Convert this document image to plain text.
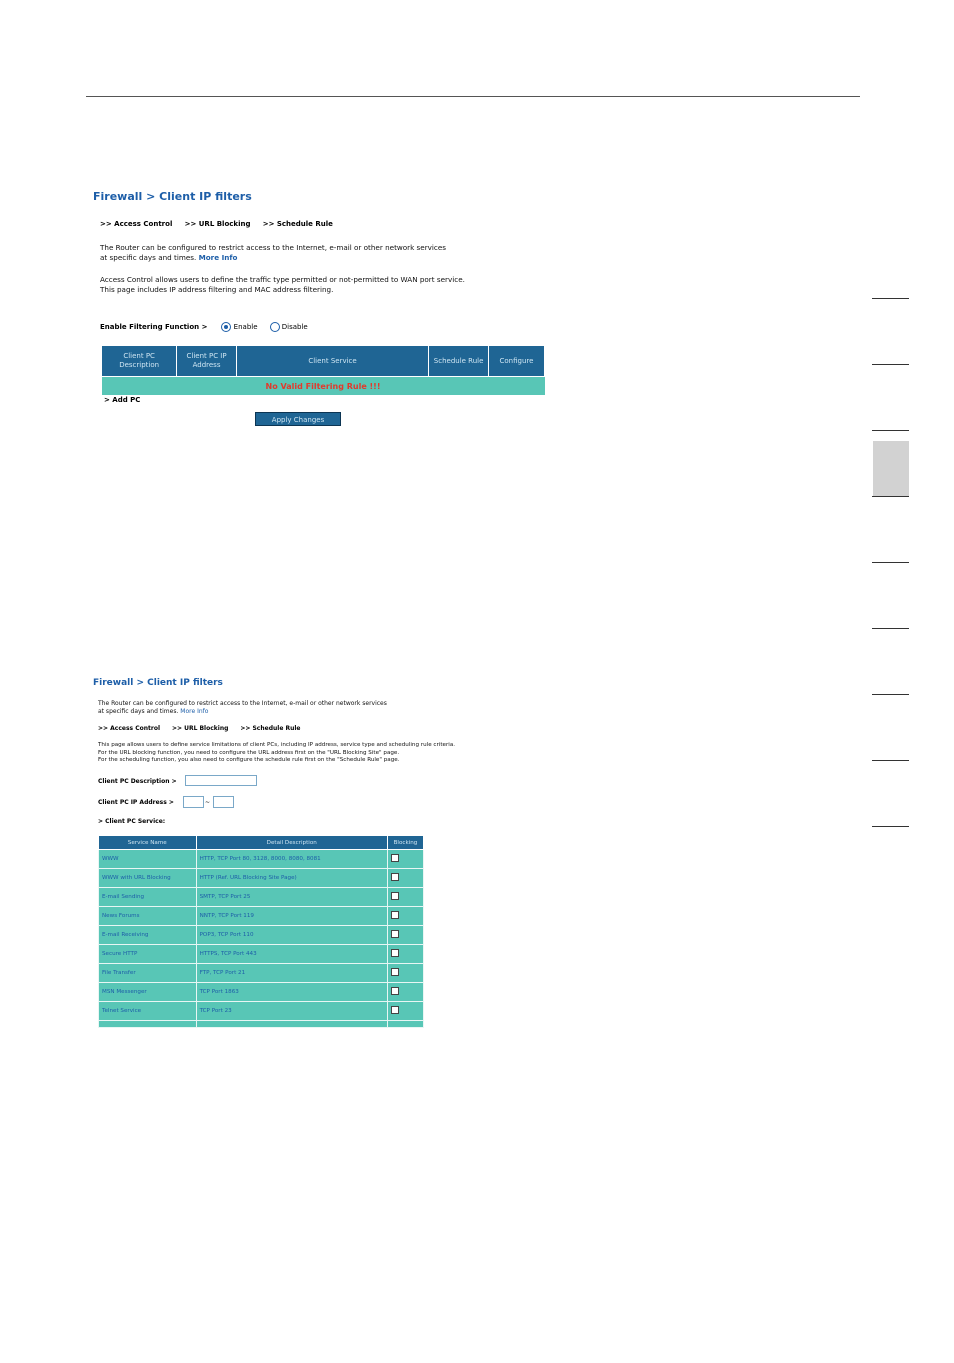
Firewall > Client IP filters
>> Access Control >> URL Blocking >> Schedule Rule
The Router can be configured to restrict access to the Internet, e-mail or other network services
at specific days and times. More Info
Access Control allows users to define the traffic type permitted or not-permitted to WAN port service.
This page includes IP address filtering and MAC address filtering.
Enable Filtering Function >	Enable	Disable
Client PC Description	Client PC IP Address	Client Service	Schedule Rule	Configure
No Valid Filtering Rule !!!
> Add PC
Apply Changes
Firewall > Client IP filters
The Router can be configured to restrict access to the Internet, e-mail or other network services
at specific days and times. More Info
>> Access Control >> URL Blocking >> Schedule Rule
This page allows users to define service limitations of client PCs, including IP address, service type and scheduling rule criteria.
For the URL blocking function, you need to configure the URL address first on the "URL Blocking Site" page.
For the scheduling function, you also need to configure the schedule rule first on the "Schedule Rule" page.
Client PC Description >
Client PC IP Address >	~
> Client PC Service:
Service Name	Detail Description	Blocking
WWW	HTTP, TCP Port 80, 3128, 8000, 8080, 8081	
WWW with URL Blocking	HTTP (Ref. URL Blocking Site Page)	
E-mail Sending	SMTP, TCP Port 25	
News Forums	NNTP, TCP Port 119	
E-mail Receiving	POP3, TCP Port 110	
Secure HTTP	HTTPS, TCP Port 443	
File Transfer	FTP, TCP Port 21	
MSN Messenger	TCP Port 1863	
Telnet Service	TCP Port 23	
